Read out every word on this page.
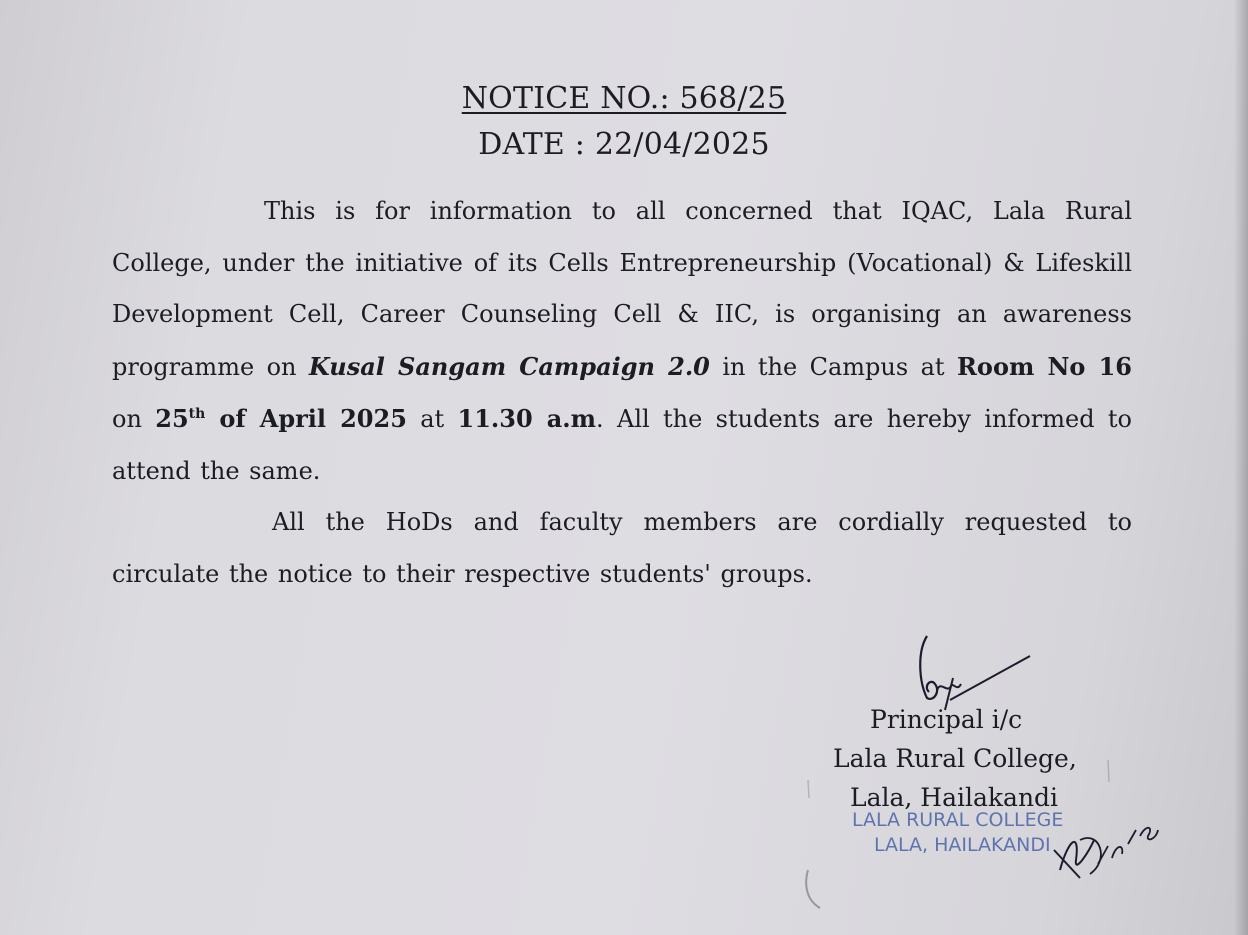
NOTICE NO.: 568/25
DATE : 22/04/2025

This is for information to all concerned that IQAC, Lala Rural College, under the initiative of its Cells Entrepreneurship (Vocational) & Lifeskill Development Cell, Career Counseling Cell & IIC, is organising an awareness programme on Kusal Sangam Campaign 2.0 in the Campus at Room No 16 on 25th of April 2025 at 11.30 a.m. All the students are hereby informed to attend the same.

All the HoDs and faculty members are cordially requested to circulate the notice to their respective students' groups.

Principal i/c
Lala Rural College,
Lala, Hailakandi
LALA RURAL COLLEGE
LALA, HAILAKANDI
